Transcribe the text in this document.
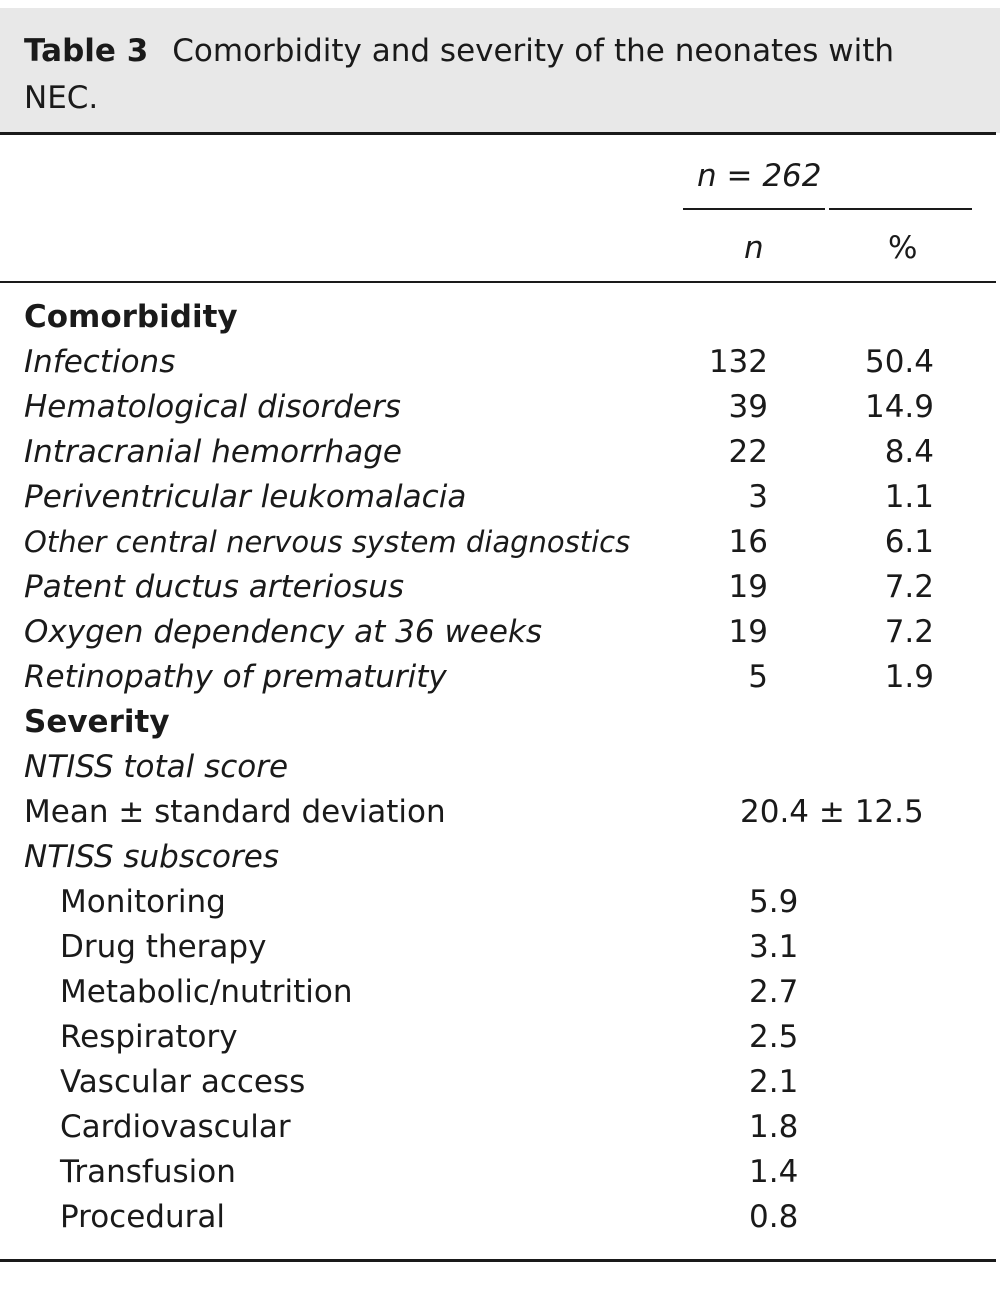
Table 3 Comorbidity and severity of the neonates with
NEC.
n = 262
n	%
Comorbidity
Infections	132	50.4
Hematological disorders	39	14.9
Intracranial hemorrhage	22	8.4
Periventricular leukomalacia	3	1.1
Other central nervous system diagnostics	16	6.1
Patent ductus arteriosus	19	7.2
Oxygen dependency at 36 weeks	19	7.2
Retinopathy of prematurity	5	1.9
Severity
NTISS total score
Mean ± standard deviation	20.4 ± 12.5
NTISS subscores
Monitoring	5.9
Drug therapy	3.1
Metabolic/nutrition	2.7
Respiratory	2.5
Vascular access	2.1
Cardiovascular	1.8
Transfusion	1.4
Procedural	0.8
